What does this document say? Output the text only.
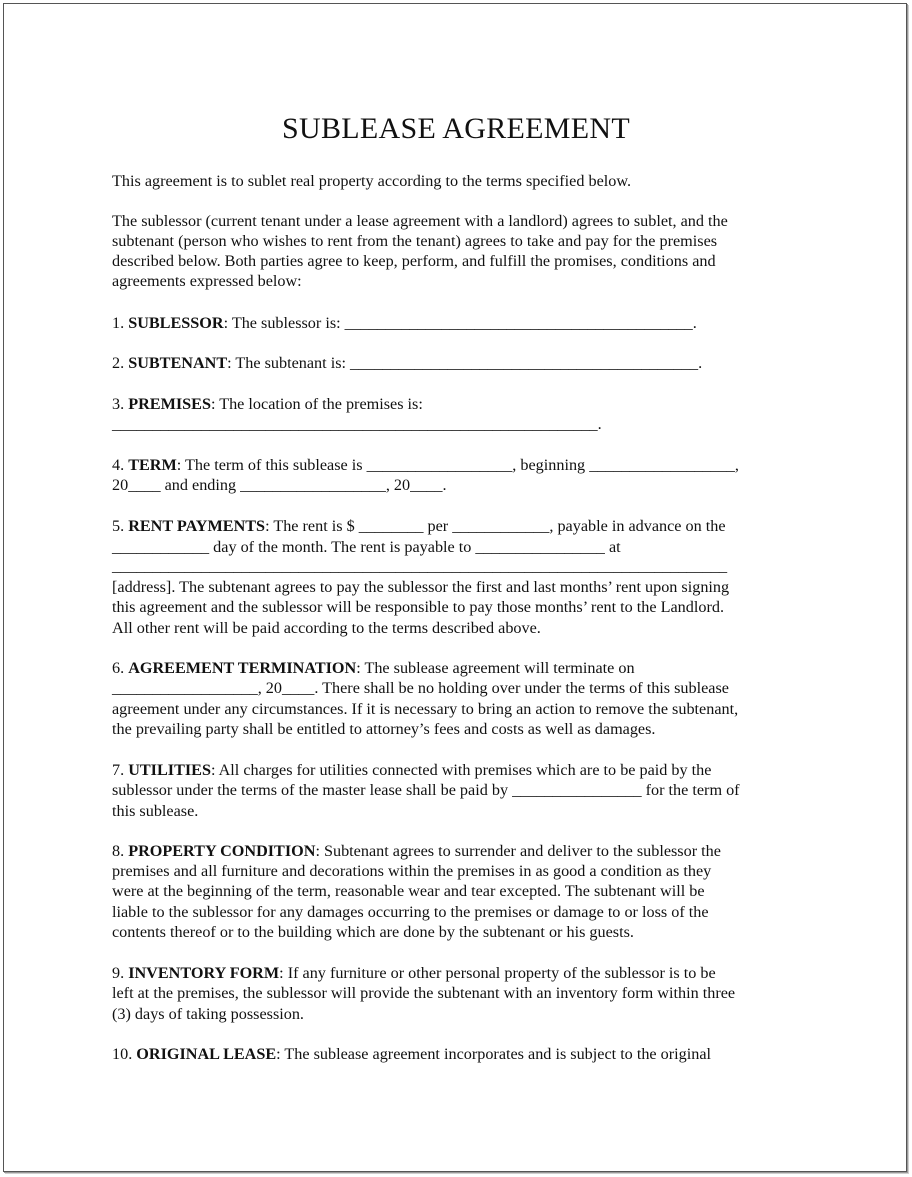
SUBLEASE AGREEMENT

This agreement is to sublet real property according to the terms specified below.

The sublessor (current tenant under a lease agreement with a landlord) agrees to sublet, and the

subtenant (person who wishes to rent from the tenant) agrees to take and pay for the premises

described below. Both parties agree to keep, perform, and fulfill the promises, conditions and

agreements expressed below:

1. SUBLESSOR: The sublessor is: ___________________________________________.

2. SUBTENANT: The subtenant is: ___________________________________________.

3. PREMISES: The location of the premises is:

____________________________________________________________.

4. TERM: The term of this sublease is __________________, beginning __________________,

20____ and ending __________________, 20____.

5. RENT PAYMENTS: The rent is $ ________ per ____________, payable in advance on the

____________ day of the month. The rent is payable to ________________ at

____________________________________________________________________________

[address]. The subtenant agrees to pay the sublessor the first and last months’ rent upon signing

this agreement and the sublessor will be responsible to pay those months’ rent to the Landlord.

All other rent will be paid according to the terms described above.

6. AGREEMENT TERMINATION: The sublease agreement will terminate on

__________________, 20____. There shall be no holding over under the terms of this sublease

agreement under any circumstances. If it is necessary to bring an action to remove the subtenant,

the prevailing party shall be entitled to attorney’s fees and costs as well as damages.

7. UTILITIES: All charges for utilities connected with premises which are to be paid by the

sublessor under the terms of the master lease shall be paid by ________________ for the term of

this sublease.

8. PROPERTY CONDITION: Subtenant agrees to surrender and deliver to the sublessor the

premises and all furniture and decorations within the premises in as good a condition as they

were at the beginning of the term, reasonable wear and tear excepted. The subtenant will be

liable to the sublessor for any damages occurring to the premises or damage to or loss of the

contents thereof or to the building which are done by the subtenant or his guests.

9. INVENTORY FORM: If any furniture or other personal property of the sublessor is to be

left at the premises, the sublessor will provide the subtenant with an inventory form within three

(3) days of taking possession.

10. ORIGINAL LEASE: The sublease agreement incorporates and is subject to the original
